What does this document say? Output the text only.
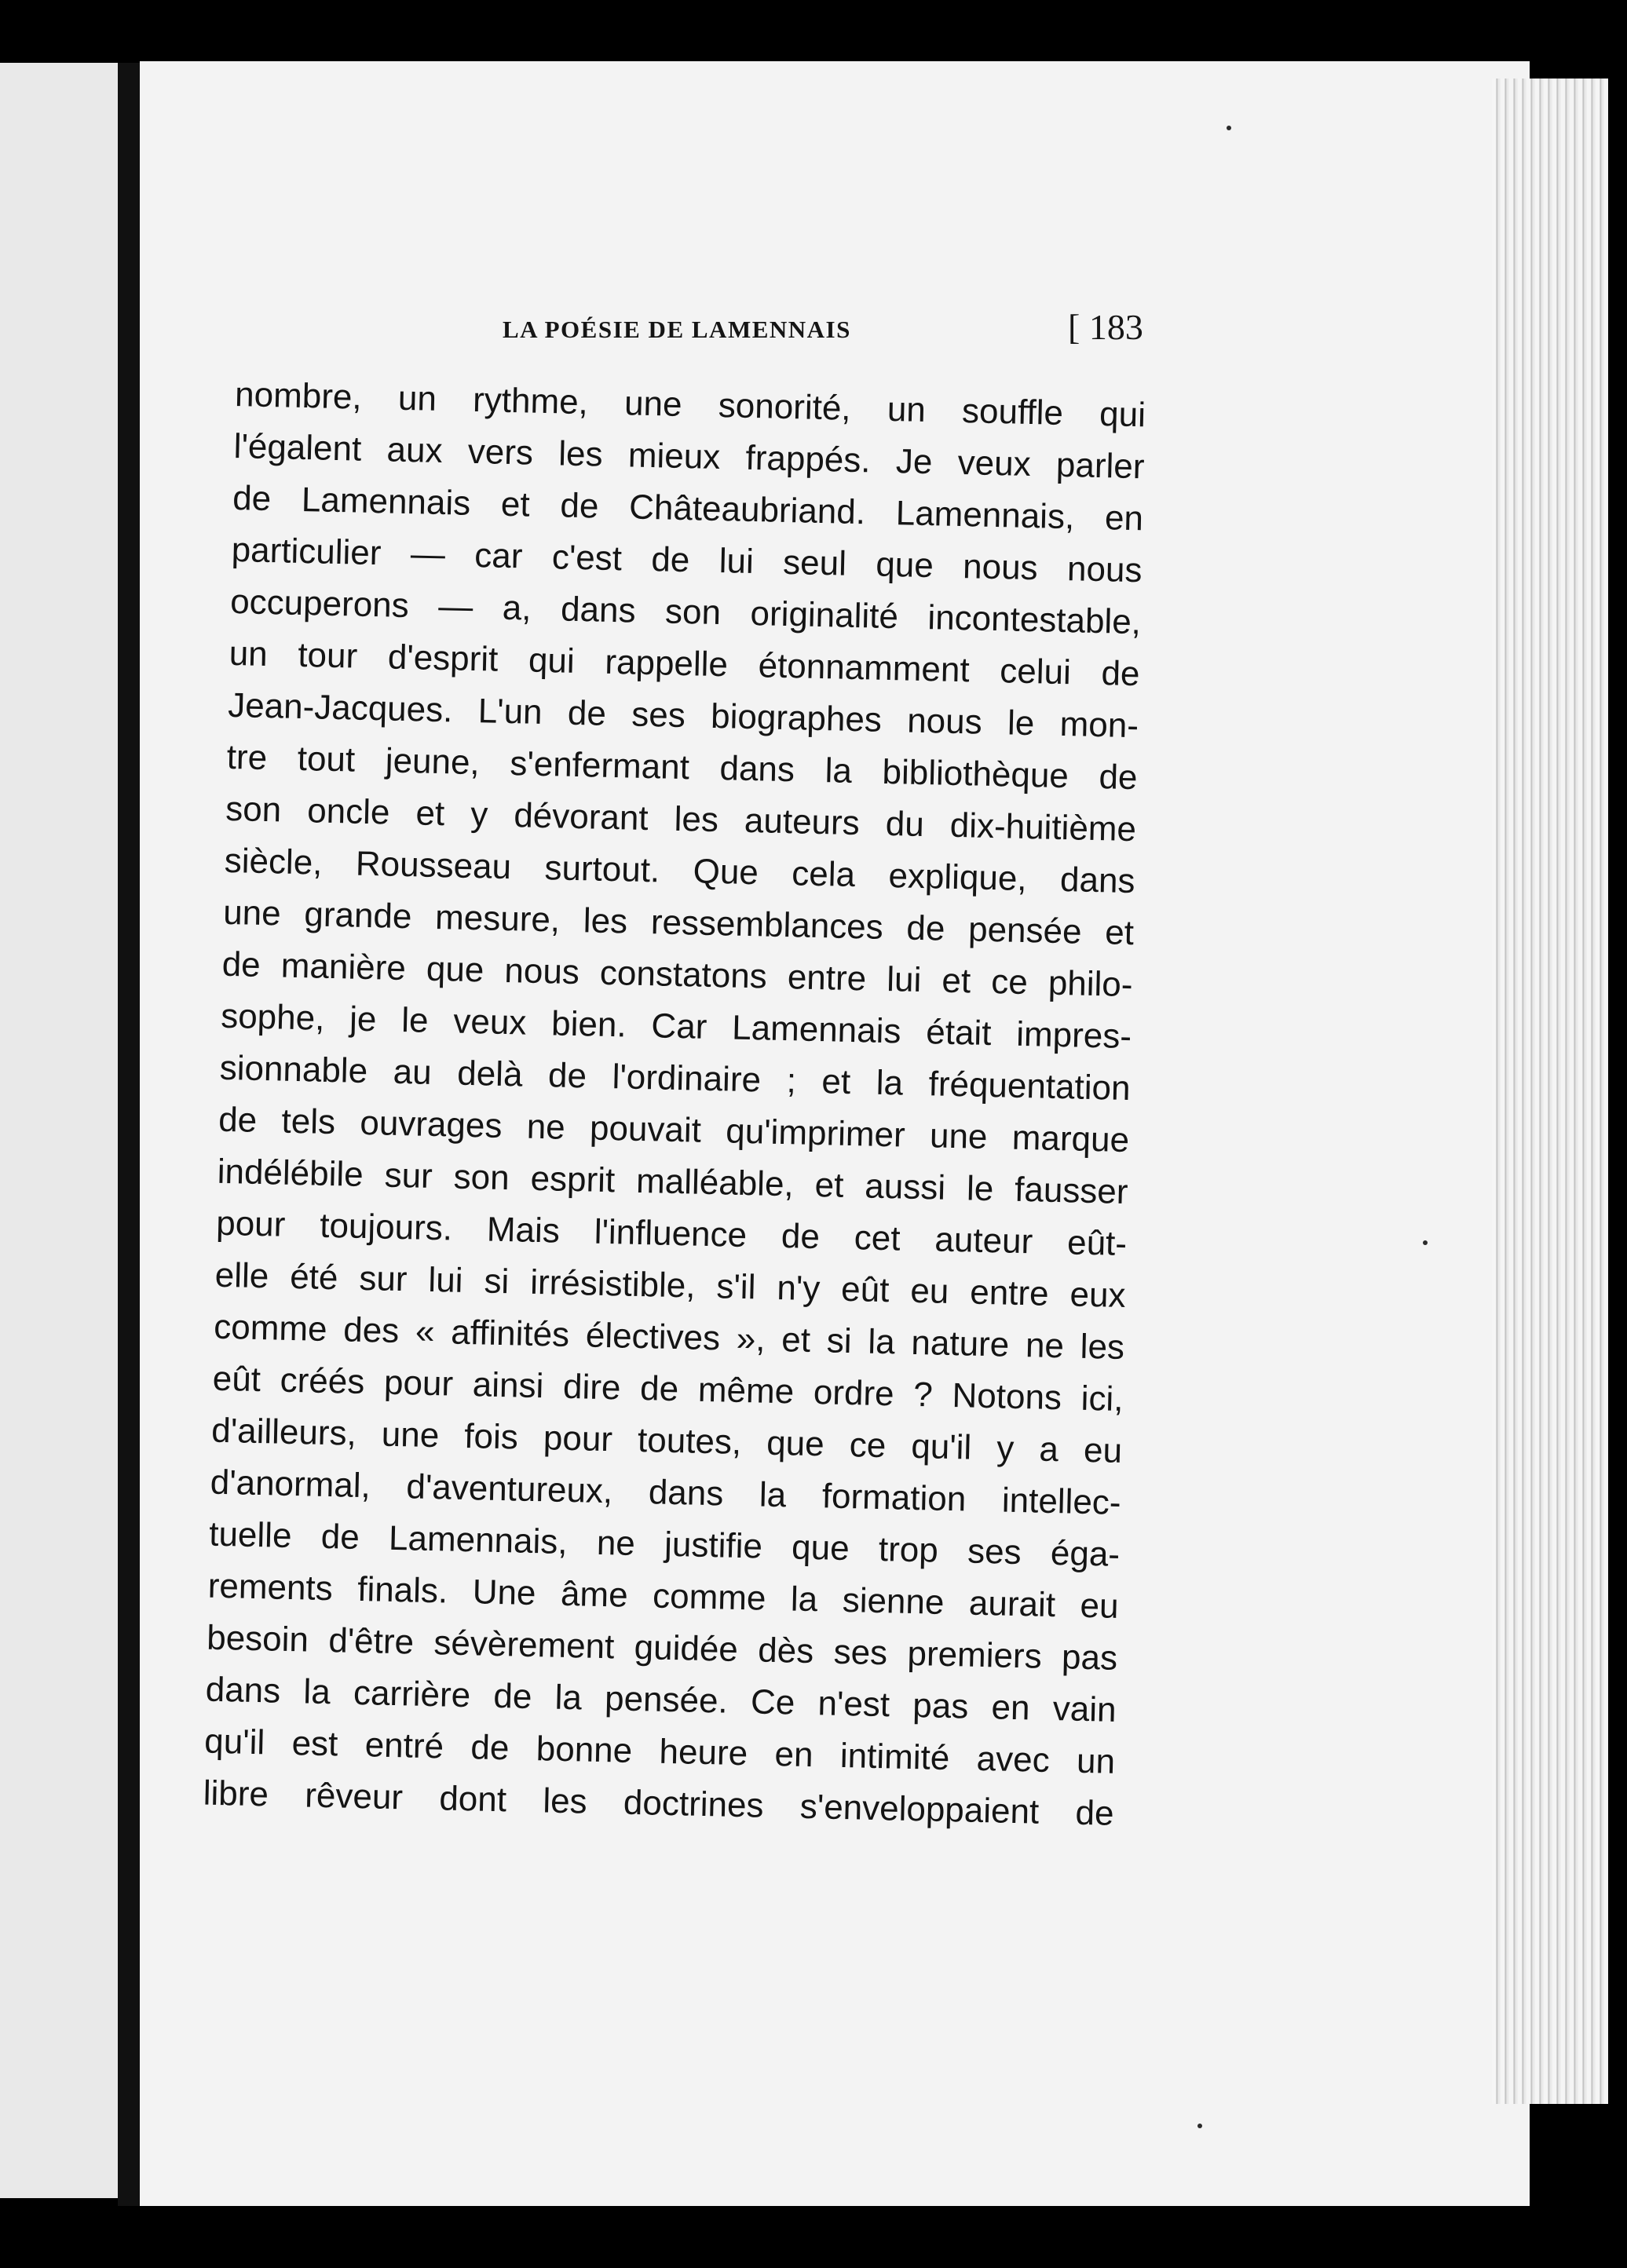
LA POÉSIE DE LAMENNAIS	[ 183
nombre, un rythme, une sonorité, un souffle qui
l'égalent aux vers les mieux frappés. Je veux parler
de Lamennais et de Châteaubriand. Lamennais, en
particulier — car c'est de lui seul que nous nous
occuperons — a, dans son originalité incontestable,
un tour d'esprit qui rappelle étonnamment celui de
Jean-Jacques. L'un de ses biographes nous le mon-
tre tout jeune, s'enfermant dans la bibliothèque de
son oncle et y dévorant les auteurs du dix-huitième
siècle, Rousseau surtout. Que cela explique, dans
une grande mesure, les ressemblances de pensée et
de manière que nous constatons entre lui et ce philo-
sophe, je le veux bien. Car Lamennais était impres-
sionnable au delà de l'ordinaire ; et la fréquentation
de tels ouvrages ne pouvait qu'imprimer une marque
indélébile sur son esprit malléable, et aussi le fausser
pour toujours. Mais l'influence de cet auteur eût-
elle été sur lui si irrésistible, s'il n'y eût eu entre eux
comme des « affinités électives », et si la nature ne les
eût créés pour ainsi dire de même ordre ? Notons ici,
d'ailleurs, une fois pour toutes, que ce qu'il y a eu
d'anormal, d'aventureux, dans la formation intellec-
tuelle de Lamennais, ne justifie que trop ses éga-
rements finals. Une âme comme la sienne aurait eu
besoin d'être sévèrement guidée dès ses premiers pas
dans la carrière de la pensée. Ce n'est pas en vain
qu'il est entré de bonne heure en intimité avec un
libre rêveur dont les doctrines s'enveloppaient de
